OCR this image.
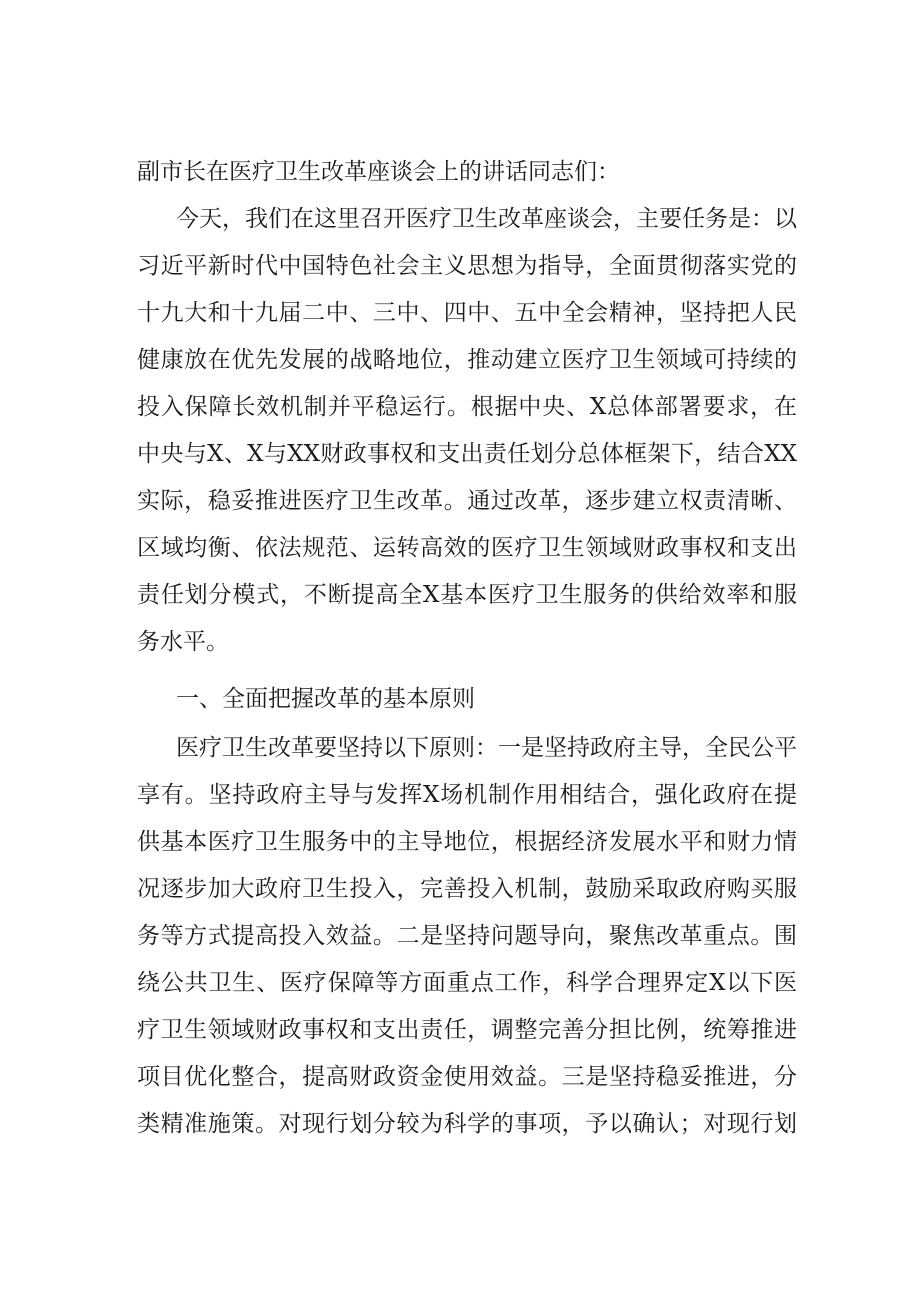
副市长在医疗卫生改革座谈会上的讲话同志们：
今天，我们在这里召开医疗卫生改革座谈会，主要任务是：以
习近平新时代中国特色社会主义思想为指导，全面贯彻落实党的
十九大和十九届二中、三中、四中、五中全会精神，坚持把人民
健康放在优先发展的战略地位，推动建立医疗卫生领域可持续的
投入保障长效机制并平稳运行。根据中央、X总体部署要求，在
中央与X、X与XX财政事权和支出责任划分总体框架下，结合XX
实际，稳妥推进医疗卫生改革。通过改革，逐步建立权责清晰、
区域均衡、依法规范、运转高效的医疗卫生领域财政事权和支出
责任划分模式，不断提高全X基本医疗卫生服务的供给效率和服
务水平。
一、全面把握改革的基本原则
医疗卫生改革要坚持以下原则：一是坚持政府主导，全民公平
享有。坚持政府主导与发挥X场机制作用相结合，强化政府在提
供基本医疗卫生服务中的主导地位，根据经济发展水平和财力情
况逐步加大政府卫生投入，完善投入机制，鼓励采取政府购买服
务等方式提高投入效益。二是坚持问题导向，聚焦改革重点。围
绕公共卫生、医疗保障等方面重点工作，科学合理界定X以下医
疗卫生领域财政事权和支出责任，调整完善分担比例，统筹推进
项目优化整合，提高财政资金使用效益。三是坚持稳妥推进，分
类精准施策。对现行划分较为科学的事项，予以确认；对现行划
